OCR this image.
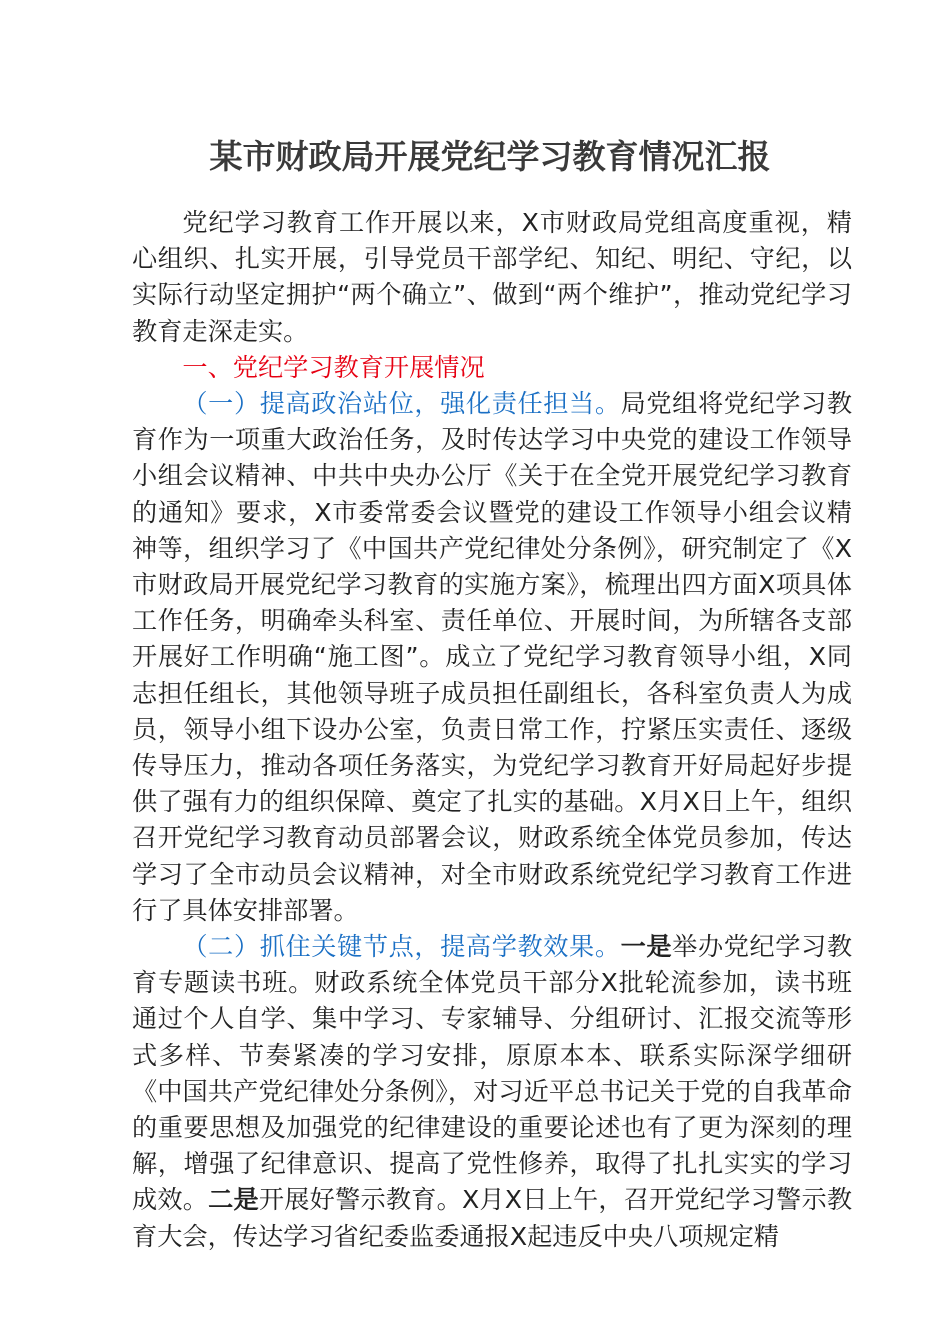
某市财政局开展党纪学习教育情况汇报

党纪学习教育工作开展以来，X市财政局党组高度重视，精心组织、扎实开展，引导党员干部学纪、知纪、明纪、守纪，以实际行动坚定拥护“两个确立”、做到“两个维护”，推动党纪学习教育走深走实。

一、党纪学习教育开展情况

（一）提高政治站位，强化责任担当。局党组将党纪学习教育作为一项重大政治任务，及时传达学习中央党的建设工作领导小组会议精神、中共中央办公厅《关于在全党开展党纪学习教育的通知》要求，X市委常委会议暨党的建设工作领导小组会议精神等，组织学习了《中国共产党纪律处分条例》，研究制定了《X市财政局开展党纪学习教育的实施方案》，梳理出四方面X项具体工作任务，明确牵头科室、责任单位、开展时间，为所辖各支部开展好工作明确“施工图”。成立了党纪学习教育领导小组，X同志担任组长，其他领导班子成员担任副组长，各科室负责人为成员，领导小组下设办公室，负责日常工作，拧紧压实责任、逐级传导压力，推动各项任务落实，为党纪学习教育开好局起好步提供了强有力的组织保障、奠定了扎实的基础。X月X日上午，组织召开党纪学习教育动员部署会议，财政系统全体党员参加，传达学习了全市动员会议精神，对全市财政系统党纪学习教育工作进行了具体安排部署。

（二）抓住关键节点，提高学教效果。一是举办党纪学习教育专题读书班。财政系统全体党员干部分X批轮流参加，读书班通过个人自学、集中学习、专家辅导、分组研讨、汇报交流等形式多样、节奏紧凑的学习安排，原原本本、联系实际深学细研《中国共产党纪律处分条例》，对习近平总书记关于党的自我革命的重要思想及加强党的纪律建设的重要论述也有了更为深刻的理解，增强了纪律意识、提高了党性修养，取得了扎扎实实的学习成效。二是开展好警示教育。X月X日上午，召开党纪学习警示教育大会，传达学习省纪委监委通报X起违反中央八项规定精
